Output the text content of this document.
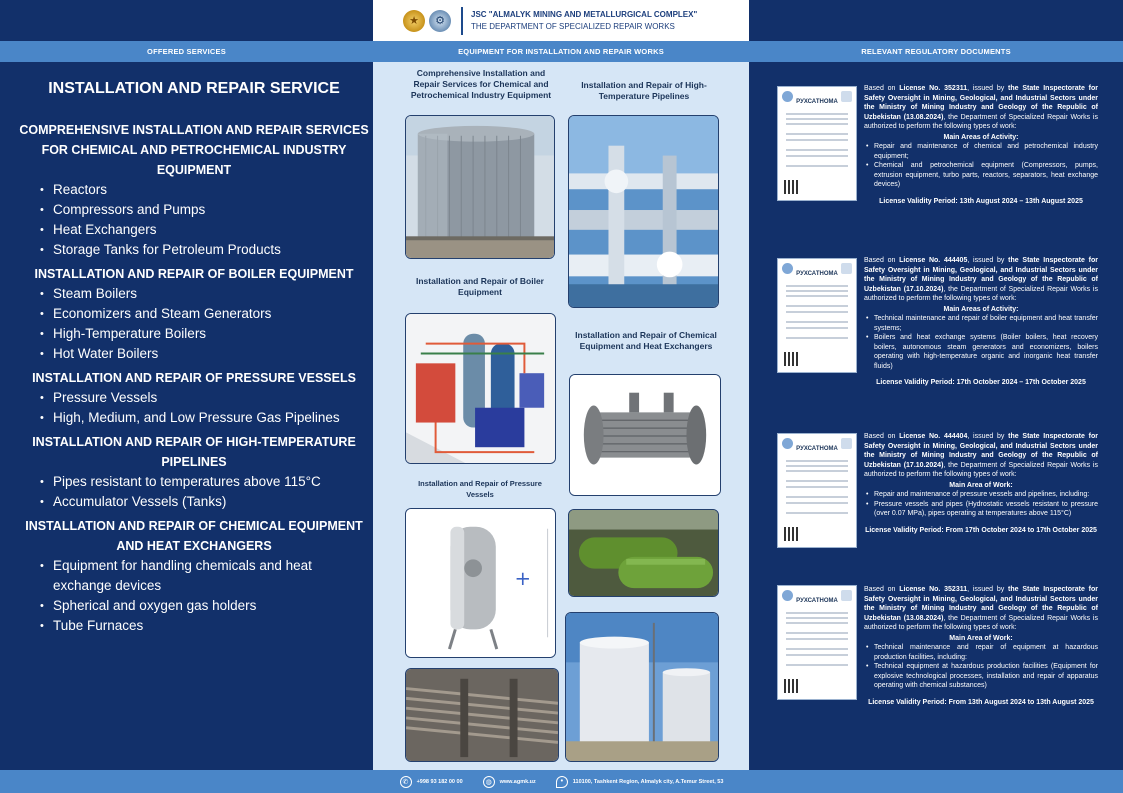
★	⚙
JSC "ALMALYK MINING AND METALLURGICAL COMPLEX"
THE DEPARTMENT OF SPECIALIZED REPAIR WORKS
OFFERED SERVICES	EQUIPMENT FOR INSTALLATION AND REPAIR WORKS	RELEVANT REGULATORY DOCUMENTS
INSTALLATION AND REPAIR SERVICE
COMPREHENSIVE INSTALLATION AND REPAIR SERVICES FOR CHEMICAL AND PETROCHEMICAL INDUSTRY EQUIPMENT
• Reactors
• Compressors and Pumps
• Heat Exchangers
• Storage Tanks for Petroleum Products
INSTALLATION AND REPAIR OF BOILER EQUIPMENT
• Steam Boilers
• Economizers and Steam Generators
• High-Temperature Boilers
• Hot Water Boilers
INSTALLATION AND REPAIR OF PRESSURE VESSELS
• Pressure Vessels
• High, Medium, and Low Pressure Gas Pipelines
INSTALLATION AND REPAIR OF HIGH-TEMPERATURE PIPELINES
• Pipes resistant to temperatures above 115°C
• Accumulator Vessels (Tanks)
INSTALLATION AND REPAIR OF CHEMICAL EQUIPMENT AND HEAT EXCHANGERS
• Equipment for handling chemicals and heat exchange devices
• Spherical and oxygen gas holders
• Tube Furnaces
Comprehensive Installation and Repair Services for Chemical and Petrochemical Industry Equipment
Installation and Repair of High-Temperature Pipelines
Installation and Repair of Boiler Equipment
Installation and Repair of Chemical Equipment and Heat Exchangers
Installation and Repair of Pressure Vessels
+
РУХСАТНОМА

Based on License No. 352311, issued by the State Inspectorate for Safety Oversight in Mining, Geological, and Industrial Sectors under the Ministry of Mining Industry and Geology of the Republic of Uzbekistan (13.08.2024), the Department of Specialized Repair Works is authorized to perform the following types of work:

Main Areas of Activity:
• Repair and maintenance of chemical and petrochemical industry equipment;
• Chemical and petrochemical equipment (Compressors, pumps, extrusion equipment, turbo parts, reactors, separators, heat exchange devices)
License Validity Period: 13th August 2024 – 13th August 2025
РУХСАТНОМА

Based on License No. 444405, issued by the State Inspectorate for Safety Oversight in Mining, Geological, and Industrial Sectors under the Ministry of Mining Industry and Geology of the Republic of Uzbekistan (17.10.2024), the Department of Specialized Repair Works is authorized to perform the following types of work:

Main Areas of Activity:
• Technical maintenance and repair of boiler equipment and heat transfer systems;
• Boilers and heat exchange systems (Boiler boilers, heat recovery boilers, autonomous steam generators and economizers, boilers operating with high-temperature organic and inorganic heat transfer fluids)
License Validity Period: 17th October 2024 – 17th October 2025
РУХСАТНОМА

Based on License No. 444404, issued by the State Inspectorate for Safety Oversight in Mining, Geological, and Industrial Sectors under the Ministry of Mining Industry and Geology of the Republic of Uzbekistan (17.10.2024), the Department of Specialized Repair Works is authorized to perform the following types of work:

Main Area of Work:
• Repair and maintenance of pressure vessels and pipelines, including:
• Pressure vessels and pipes (Hydrostatic vessels resistant to pressure (over 0.07 MPa), pipes operating at temperatures above 115°C)
License Validity Period: From 17th October 2024 to 17th October 2025
РУХСАТНОМА

Based on License No. 352311, issued by the State Inspectorate for Safety Oversight in Mining, Geological, and Industrial Sectors under the Ministry of Mining Industry and Geology of the Republic of Uzbekistan (13.08.2024), the Department of Specialized Repair Works is authorized to perform the following types of work:

Main Area of Work:
• Technical maintenance and repair of equipment at hazardous production facilities, including:
• Technical equipment at hazardous production facilities (Equipment for explosive technological processes, installation and repair of apparatus operating with chemical substances)
License Validity Period: From 13th August 2024 to 13th August 2025
✆	+998 93 182 00 00	◍	www.agmk.uz	•	110100, Tashkent Region, Almalyk city, A.Temur Street, 53
